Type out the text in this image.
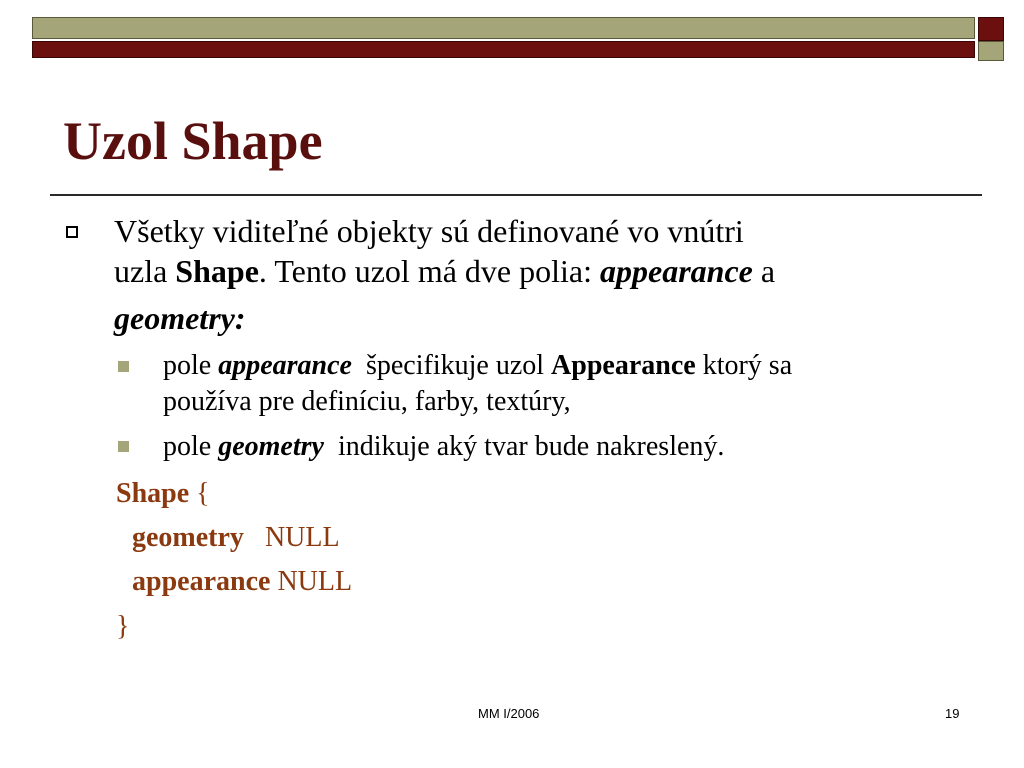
Uzol Shape
Všetky viditeľné objekty sú definované vo vnútri
uzla Shape. Tento uzol má dve polia: appearance a
geometry:
pole appearance  špecifikuje uzol Appearance ktorý sa
používa pre definíciu, farby, textúry,
pole geometry  indikuje aký tvar bude nakreslený.
Shape {
geometry   NULL
appearance NULL
}
MM I/2006	19
